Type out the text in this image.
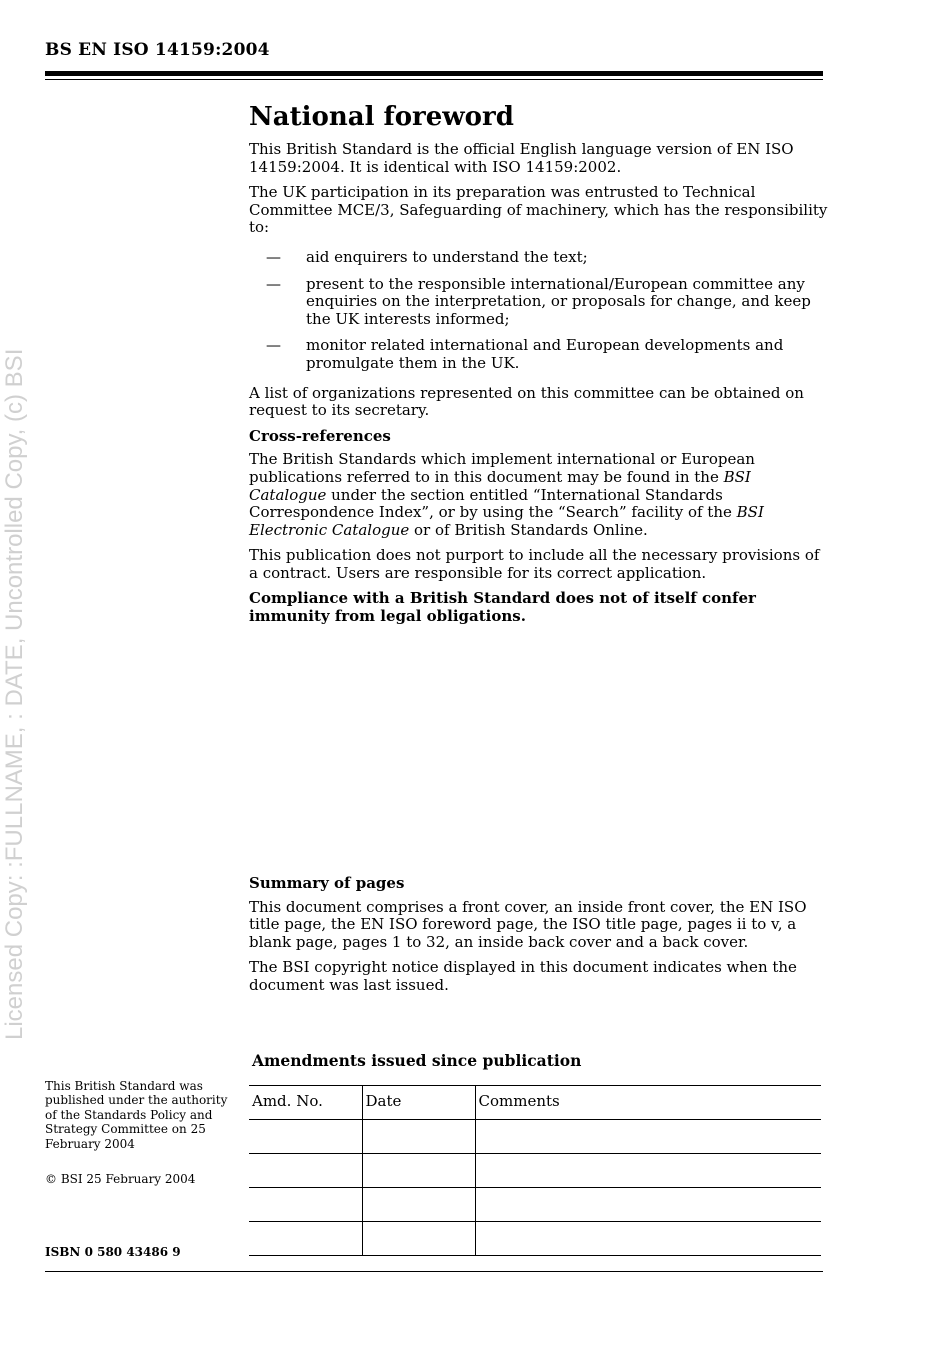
BS EN ISO 14159:2004
Licensed Copy: :FULLNAME, : DATE, Uncontrolled Copy, (c) BSI
National foreword

This British Standard is the official English language version of EN ISO 14159:2004. It is identical with ISO 14159:2002.

The UK participation in its preparation was entrusted to Technical Committee MCE/3, Safeguarding of machinery, which has the responsibility to:

—	aid enquirers to understand the text;
—	present to the responsible international/European committee any enquiries on the interpretation, or proposals for change, and keep the UK interests informed;
—	monitor related international and European developments and promulgate them in the UK.

A list of organizations represented on this committee can be obtained on request to its secretary.

Cross-references

The British Standards which implement international or European publications referred to in this document may be found in the BSI Catalogue under the section entitled “International Standards Correspondence Index”, or by using the “Search” facility of the BSI Electronic Catalogue or of British Standards Online.

This publication does not purport to include all the necessary provisions of a contract. Users are responsible for its correct application.

Compliance with a British Standard does not of itself confer immunity from legal obligations.

Summary of pages

This document comprises a front cover, an inside front cover, the EN ISO title page, the EN ISO foreword page, the ISO title page, pages ii to v, a blank page, pages 1 to 32, an inside back cover and a back cover.

The BSI copyright notice displayed in this document indicates when the document was last issued.

Amendments issued since publication
Amd. No.	Date	Comments

This British Standard was published under the authority of the Standards Policy and Strategy Committee on 25 February 2004
© BSI 25 February 2004
ISBN 0 580 43486 9
